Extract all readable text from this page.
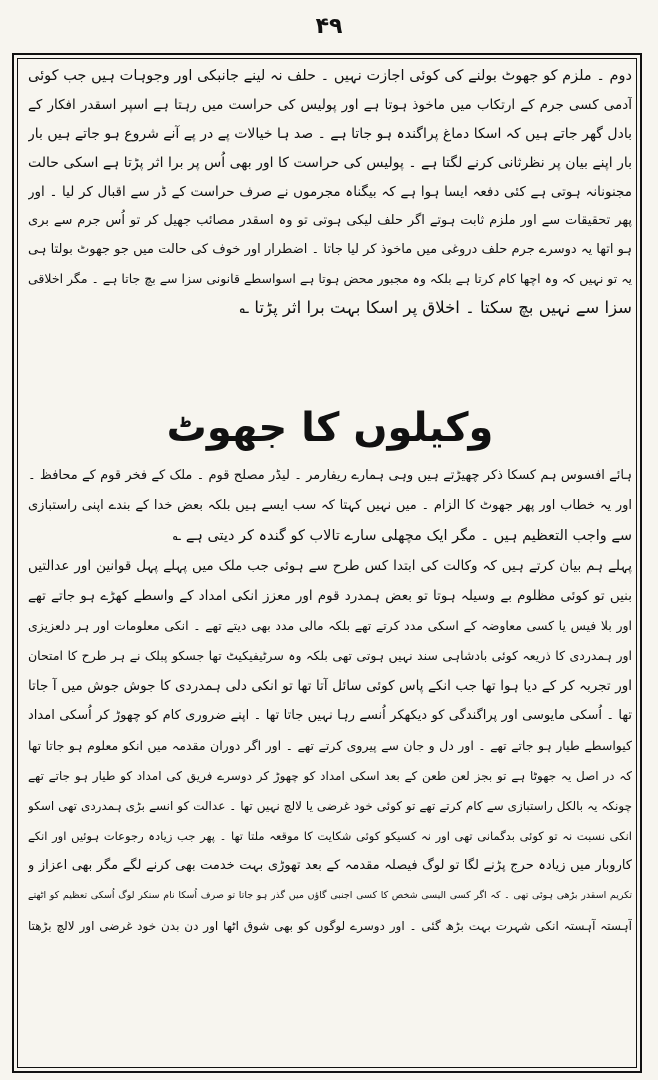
۴۹
دوم ۔ ملزم کو جھوٹ بولنے کی کوئی اجازت نہیں ۔ حلف نہ لینے جانبکی اور وجوہات ہیں جب کوئی
آدمی کسی جرم کے ارتکاب میں ماخوذ ہوتا ہے اور پولیس کی حراست میں رہتا ہے اسپر اسقدر افکار کے
بادل گھر جاتے ہیں کہ اسکا دماغ پراگندہ ہو جاتا ہے ۔ صد ہا خیالات پے در پے آنے شروع ہو جاتے ہیں بار
بار اپنے بیان پر نظرثانی کرنے لگتا ہے ۔ پولیس کی حراست کا اور بھی اُس پر برا اثر پڑتا ہے اسکی حالت
مجنونانہ ہوتی ہے کئی دفعہ ایسا ہوا ہے کہ بیگناہ مجرموں نے صرف حراست کے ڈر سے اقبال کر لیا ۔ اور
پھر تحقیقات سے اور ملزم ثابت ہوتے اگر حلف لیکی ہوتی تو وہ اسقدر مصائب جھیل کر تو اُس جرم سے بری
ہو اتھا یہ دوسرے جرم حلف دروغی میں ماخوذ کر لیا جاتا ۔ اضطرار اور خوف کی حالت میں جو جھوٹ بولتا ہی
یہ تو نہیں کہ وہ اچھا کام کرتا ہے بلکہ وہ مجبور محض ہوتا ہے اسواسطے قانونی سزا سے بچ جاتا ہے ۔ مگر اخلاقی
سزا سے نہیں بچ سکتا ۔ اخلاق پر اسکا بہت برا اثر پڑتا ؎
وکیلوں کا جھوٹ
ہائے افسوس ہم کسکا ذکر چھیڑتے ہیں وہی ہمارے ریفارمر ۔ لیڈر مصلح قوم ۔ ملک کے فخر قوم کے محافظ ۔
اور یہ خطاب اور پھر جھوٹ کا الزام ۔ میں نہیں کہتا کہ سب ایسے ہیں بلکہ بعض خدا کے بندے اپنی راستبازی
سے واجب التعظیم ہیں ۔ مگر ایک مچھلی سارے تالاب کو گندہ کر دیتی ہے ؎
پہلے ہم بیان کرتے ہیں کہ وکالت کی ابتدا کس طرح سے ہوئی جب ملک میں پہلے پہل قوانین اور عدالتیں
بنیں تو کوئی مظلوم بے وسیلہ ہوتا تو بعض ہمدرد قوم اور معزز انکی امداد کے واسطے کھڑے ہو جاتے تھے
اور بلا فیس یا کسی معاوضہ کے اسکی مدد کرتے تھے بلکہ مالی مدد بھی دیتے تھے ۔ انکی معلومات اور ہر دلعزیزی
اور ہمدردی کا ذریعہ کوئی بادشاہی سند نہیں ہوتی تھی بلکہ وہ سرٹیفیکیٹ تھا جسکو پبلک نے ہر طرح کا امتحان
اور تجربہ کر کے دیا ہوا تھا جب انکے پاس کوئی سائل آتا تھا تو انکی دلی ہمدردی کا جوش جوش میں آ جاتا
تھا ۔ اُسکی مایوسی اور پراگندگی کو دیکھکر اُنسے رہا نہیں جاتا تھا ۔ اپنے ضروری کام کو چھوڑ کر اُسکی امداد
کیواسطے طیار ہو جاتے تھے ۔ اور دل و جان سے پیروی کرتے تھے ۔ اور اگر دوران مقدمہ میں انکو معلوم ہو جاتا تھا
کہ در اصل یہ جھوٹا ہے تو بجز لعن طعن کے بعد اسکی امداد کو چھوڑ کر دوسرے فریق کی امداد کو طیار ہو جاتے تھے
چونکہ یہ بالکل راستبازی سے کام کرتے تھے تو کوئی خود غرضی یا لالچ نہیں تھا ۔ عدالت کو انسے بڑی ہمدردی تھی اسکو
انکی نسبت نہ تو کوئی بدگمانی تھی اور نہ کسیکو کوئی شکایت کا موقعہ ملتا تھا ۔ پھر جب زیادہ رجوعات ہوئیں اور انکے
کاروبار میں زیادہ حرج پڑنے لگا تو لوگ فیصلہ مقدمہ کے بعد تھوڑی بہت خدمت بھی کرنے لگے مگر بھی اعزاز و
تکریم اسقدر بڑھی ہوئی تھی ۔ کہ اگر کسی الیسی شخص کا کسی اجنبی گاؤں میں گذر ہو جاتا تو صرف اُسکا نام سنکر لوگ اُسکی تعظیم کو اٹھتے
آہستہ آہستہ انکی شہرت بہت بڑھ گئی ۔ اور دوسرے لوگوں کو بھی شوق اٹھا اور دن بدن خود غرضی اور لالچ بڑھتا
